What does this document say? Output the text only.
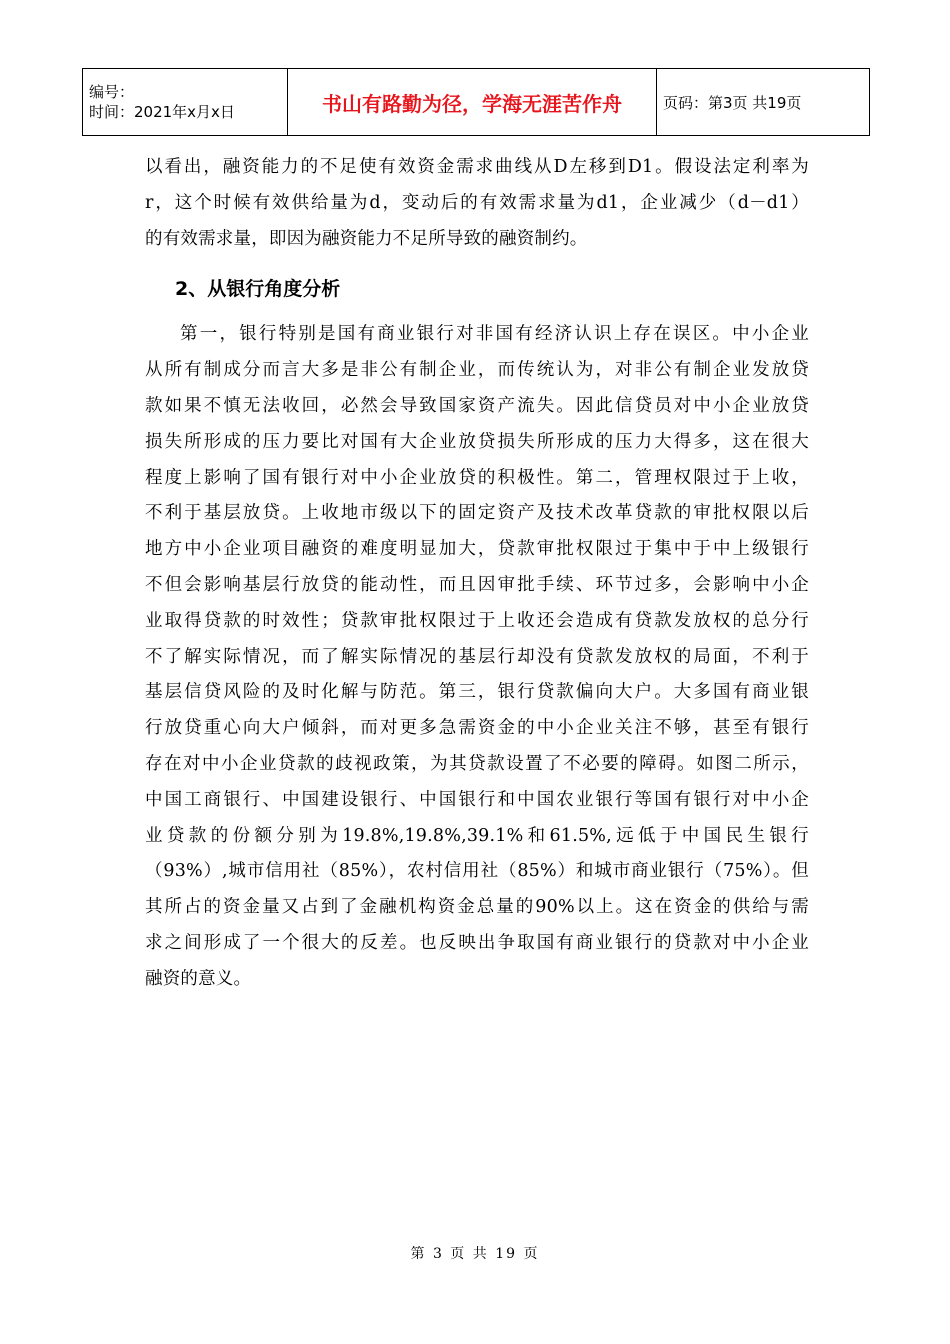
编号：
时间：2021年x月x日	书山有路勤为径，学海无涯苦作舟	页码：第3页 共19页

以看出，融资能力的不足使有效资金需求曲线从D左移到D1。假设法定利率为
r，这个时候有效供给量为d，变动后的有效需求量为d1，企业减少（d－d1）
的有效需求量，即因为融资能力不足所导致的融资制约。

2、从银行角度分析

第一，银行特别是国有商业银行对非国有经济认识上存在误区。中小企业
从所有制成分而言大多是非公有制企业，而传统认为，对非公有制企业发放贷
款如果不慎无法收回，必然会导致国家资产流失。因此信贷员对中小企业放贷
损失所形成的压力要比对国有大企业放贷损失所形成的压力大得多，这在很大
程度上影响了国有银行对中小企业放贷的积极性。第二，管理权限过于上收，
不利于基层放贷。上收地市级以下的固定资产及技术改革贷款的审批权限以后
地方中小企业项目融资的难度明显加大，贷款审批权限过于集中于中上级银行
不但会影响基层行放贷的能动性，而且因审批手续、环节过多，会影响中小企
业取得贷款的时效性；贷款审批权限过于上收还会造成有贷款发放权的总分行
不了解实际情况，而了解实际情况的基层行却没有贷款发放权的局面，不利于
基层信贷风险的及时化解与防范。第三，银行贷款偏向大户。大多国有商业银
行放贷重心向大户倾斜，而对更多急需资金的中小企业关注不够，甚至有银行
存在对中小企业贷款的歧视政策，为其贷款设置了不必要的障碍。如图二所示，
中国工商银行、中国建设银行、中国银行和中国农业银行等国有银行对中小企
业贷款的份额分别为19.8%,19.8%,39.1%和61.5%,远低于中国民生银行
（93%）,城市信用社（85%），农村信用社（85%）和城市商业银行（75%）。但
其所占的资金量又占到了金融机构资金总量的90%以上。这在资金的供给与需
求之间形成了一个很大的反差。也反映出争取国有商业银行的贷款对中小企业
融资的意义。

第 3 页 共 19 页
